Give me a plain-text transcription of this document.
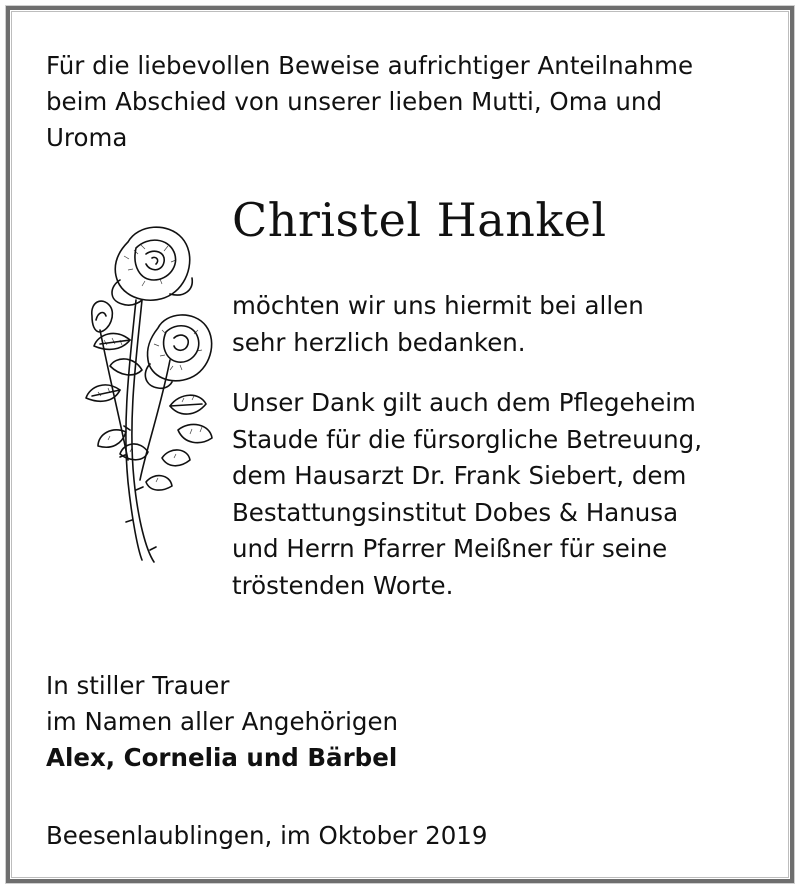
Für die liebevollen Beweise aufrichtiger Anteilnahme
beim Abschied von unserer lieben Mutti, Oma und
Uroma
Christel Hankel
möchten wir uns hiermit bei allen
sehr herzlich bedanken.
Unser Dank gilt auch dem Pflegeheim
Staude für die fürsorgliche Betreuung,
dem Hausarzt Dr. Frank Siebert, dem
Bestattungsinstitut Dobes & Hanusa
und Herrn Pfarrer Meißner für seine
tröstenden Worte.
In stiller Trauer
im Namen aller Angehörigen
Alex, Cornelia und Bärbel
Beesenlaublingen, im Oktober 2019
